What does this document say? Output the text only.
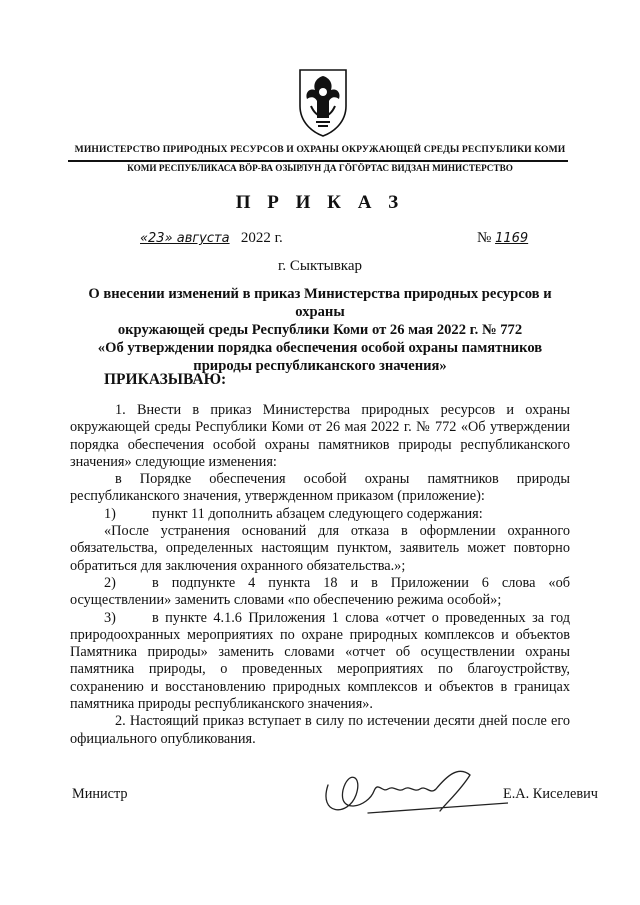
МИНИСТЕРСТВО ПРИРОДНЫХ РЕСУРСОВ И ОХРАНЫ ОКРУЖАЮЩЕЙ СРЕДЫ РЕСПУБЛИКИ КОМИ
КОМИ РЕСПУБЛИКАСА ВӦР-ВА ОЗЫРЛУН ДА ГӦГӦРТАС ВИДЗАН МИНИСТЕРСТВО
П Р И К А З
«23» августа 2022 г.	№ 1169
г. Сыктывкар
О внесении изменений в приказ Министерства природных ресурсов и охраны
окружающей среды Республики Коми от 26 мая 2022 г. № 772
«Об утверждении порядка обеспечения особой охраны памятников
природы республиканского значения»
ПРИКАЗЫВАЮ:

1. Внести в приказ Министерства природных ресурсов и охраны окружающей среды Республики Коми от 26 мая 2022 г. № 772 «Об утверждении порядка обеспечения особой охраны памятников природы республиканского значения» следующие изменения:

в Порядке обеспечения особой охраны памятников природы республиканского значения, утвержденном приказом (приложение):

1)	пункт 11 дополнить абзацем следующего содержания:

«После устранения оснований для отказа в оформлении охранного обязательства, определенных настоящим пунктом, заявитель может повторно обратиться для заключения охранного обязательства.»;

2)	в подпункте 4 пункта 18 и в Приложении 6 слова «об осуществлении» заменить словами «по обеспечению режима особой»;

3)	в пункте 4.1.6 Приложения 1 слова «отчет о проведенных за год природоохранных мероприятиях по охране природных комплексов и объектов Памятника природы» заменить словами «отчет об осуществлении охраны памятника природы, о проведенных мероприятиях по благоустройству, сохранению и восстановлению природных комплексов и объектов в границах памятника природы республиканского значения».

2. Настоящий приказ вступает в силу по истечении десяти дней после его официального опубликования.

Министр	Е.А. Киселевич
